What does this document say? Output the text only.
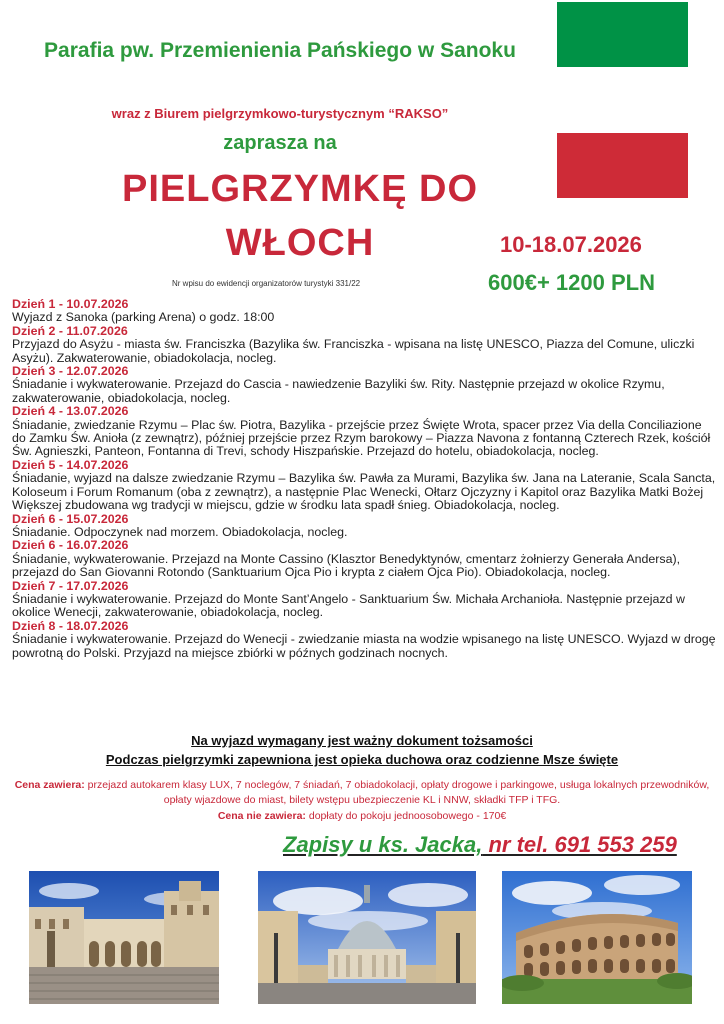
Parafia pw. Przemienienia Pańskiego w Sanoku
wraz z Biurem pielgrzymkowo-turystycznym “RAKSO”
zaprasza na
PIELGRZYMKĘ DO
WŁOCH
Nr wpisu do ewidencji organizatorów turystyki 331/22
10-18.07.2026
600€+ 1200 PLN
Dzień 1 - 10.07.2026
Wyjazd z Sanoka (parking Arena) o godz. 18:00
Dzień 2 - 11.07.2026
Przyjazd do Asyżu - miasta św. Franciszka (Bazylika św. Franciszka - wpisana na listę UNESCO, Piazza del Comune, uliczki Asyżu). Zakwaterowanie, obiadokolacja, nocleg.
Dzień 3 - 12.07.2026
Śniadanie i wykwaterowanie. Przejazd do Cascia - nawiedzenie Bazyliki św. Rity. Następnie przejazd w okolice Rzymu, zakwaterowanie, obiadokolacja, nocleg.
Dzień 4 - 13.07.2026
Śniadanie, zwiedzanie Rzymu – Plac św. Piotra, Bazylika - przejście przez Święte Wrota, spacer przez Via della Conciliazione do Zamku Św. Anioła (z zewnątrz), później przejście przez Rzym barokowy – Piazza Navona z fontanną Czterech Rzek, kościół Św. Agnieszki, Panteon, Fontanna di Trevi, schody Hiszpańskie. Przejazd do hotelu, obiadokolacja, nocleg.
Dzień 5 - 14.07.2026
Śniadanie, wyjazd na dalsze zwiedzanie Rzymu – Bazylika św. Pawła za Murami, Bazylika św. Jana na Lateranie, Scala Sancta, Koloseum i Forum Romanum (oba z zewnątrz), a następnie Plac Wenecki, Ołtarz Ojczyzny i Kapitol oraz Bazylika Matki Bożej Większej zbudowana wg tradycji w miejscu, gdzie w środku lata spadł śnieg. Obiadokolacja, nocleg.
Dzień 6 - 15.07.2026
Śniadanie. Odpoczynek nad morzem. Obiadokolacja, nocleg.
Dzień 6 - 16.07.2026
Śniadanie, wykwaterowanie. Przejazd na Monte Cassino (Klasztor Benedyktynów, cmentarz żołnierzy Generała Andersa), przejazd do San Giovanni Rotondo (Sanktuarium Ojca Pio i krypta z ciałem Ojca Pio). Obiadokolacja, nocleg.
Dzień 7 - 17.07.2026
Śniadanie i wykwaterowanie. Przejazd do Monte Sant’Angelo - Sanktuarium Św. Michała Archanioła. Następnie przejazd w okolice Wenecji, zakwaterowanie, obiadokolacja, nocleg.
Dzień 8 - 18.07.2026
Śniadanie i wykwaterowanie. Przejazd do Wenecji - zwiedzanie miasta na wodzie wpisanego na listę UNESCO. Wyjazd w drogę powrotną do Polski. Przyjazd na miejsce zbiórki w późnych godzinach nocnych.
Na wyjazd wymagany jest ważny dokument tożsamości
Podczas pielgrzymki zapewniona jest opieka duchowa oraz codzienne Msze święte
Cena zawiera: przejazd autokarem klasy LUX, 7 noclegów, 7 śniadań, 7 obiadokolacji, opłaty drogowe i parkingowe, usługa lokalnych przewodników, opłaty wjazdowe do miast, bilety wstępu ubezpieczenie KL i NNW, składki TFP i TFG.
Cena nie zawiera: dopłaty do pokoju jednoosobowego - 170€
Zapisy u ks. Jacka, nr tel. 691 553 259
